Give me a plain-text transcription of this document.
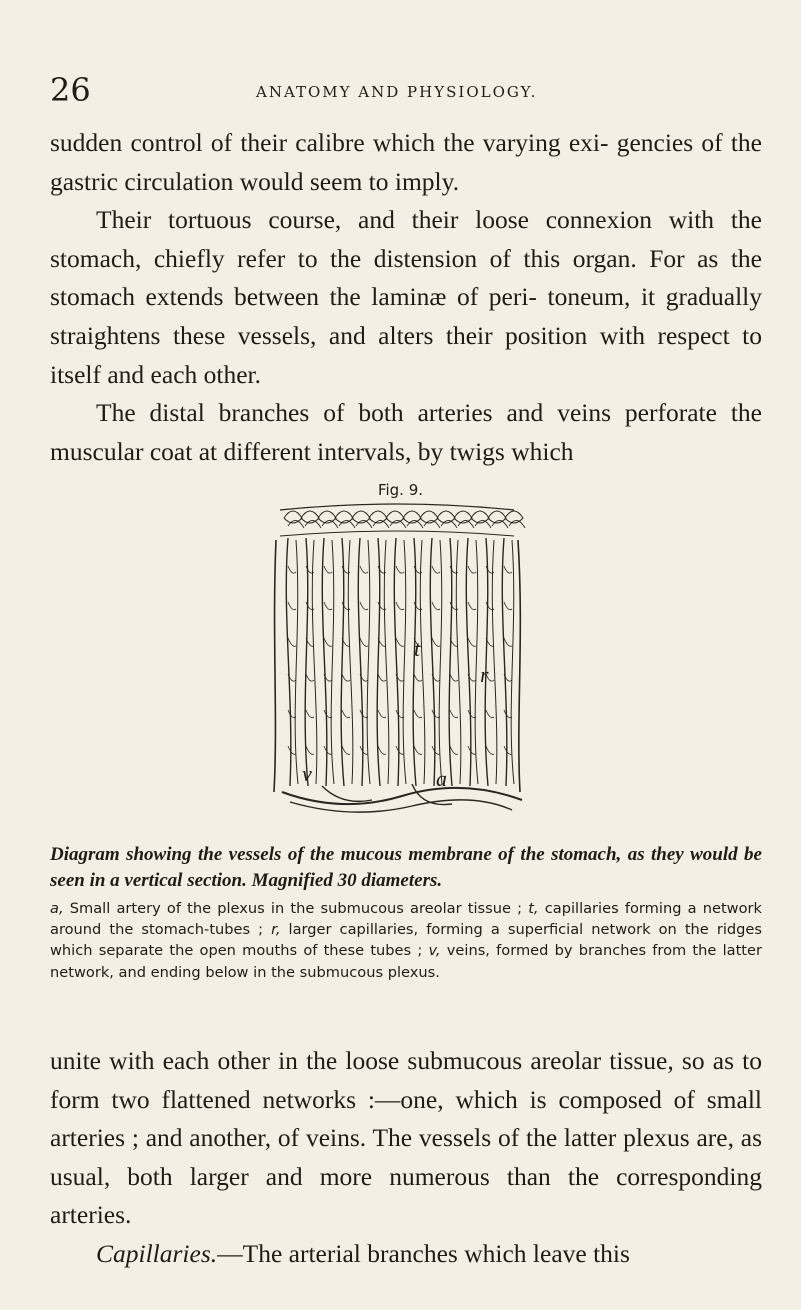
26	ANATOMY AND PHYSIOLOGY.

sudden control of their calibre which the varying exi- gencies of the gastric circulation would seem to imply.

Their tortuous course, and their loose connexion with the stomach, chiefly refer to the distension of this organ. For as the stomach extends between the laminæ of peri- toneum, it gradually straightens these vessels, and alters their position with respect to itself and each other.

The distal branches of both arteries and veins perforate the muscular coat at different intervals, by twigs which

Fig. 9.
v
t
r
a

Diagram showing the vessels of the mucous membrane of the stomach, as they would be seen in a vertical section. Magnified 30 diameters.

a, Small artery of the plexus in the submucous areolar tissue ; t, capillaries forming a network around the stomach-tubes ; r, larger capillaries, forming a superficial network on the ridges which separate the open mouths of these tubes ; v, veins, formed by branches from the latter network, and ending below in the submucous plexus.

unite with each other in the loose submucous areolar tissue, so as to form two flattened networks :—one, which is composed of small arteries ; and another, of veins. The vessels of the latter plexus are, as usual, both larger and more numerous than the corresponding arteries.

Capillaries.—The arterial branches which leave this
